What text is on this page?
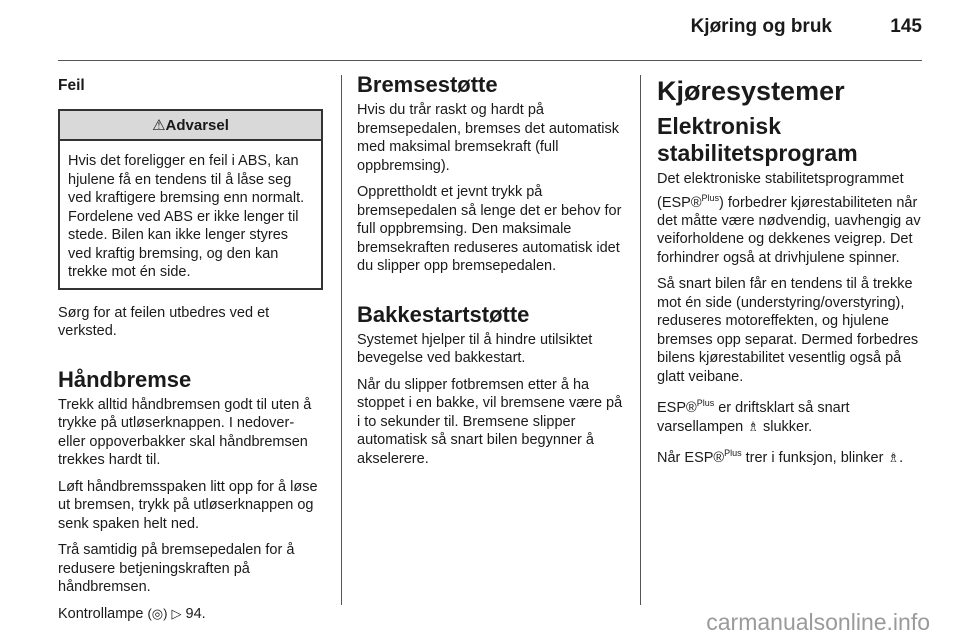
Kjøring og bruk	145
Feil
⚠Advarsel
Hvis det foreligger en feil i ABS, kan hjulene få en tendens til å låse seg ved kraftigere bremsing enn normalt. Fordelene ved ABS er ikke lenger til stede. Bilen kan ikke lenger styres ved kraftig bremsing, og den kan trekke mot én side.

Sørg for at feilen utbedres ved et verksted.

Håndbremse

Trekk alltid håndbremsen godt til uten å trykke på utløserknappen. I nedover- eller oppoverbakker skal håndbremsen trekkes hardt til.

Løft håndbremsspaken litt opp for å løse ut bremsen, trykk på utløserknappen og senk spaken helt ned.

Trå samtidig på bremsepedalen for å redusere betjeningskraften på håndbremsen.

Kontrollampe (◎) ▷ 94.

Bremsestøtte

Hvis du trår raskt og hardt på bremsepedalen, bremses det automatisk med maksimal bremsekraft (full oppbremsing).

Opprettholdt et jevnt trykk på bremsepedalen så lenge det er behov for full oppbremsing. Den maksimale bremsekraften reduseres automatisk idet du slipper opp bremsepedalen.

Bakkestartstøtte

Systemet hjelper til å hindre utilsiktet bevegelse ved bakkestart.

Når du slipper fotbremsen etter å ha stoppet i en bakke, vil bremsene være på i to sekunder til. Bremsene slipper automatisk så snart bilen begynner å akselerere.

Kjøresystemer
Elektronisk stabilitetsprogram

Det elektroniske stabilitetsprogrammet (ESP®$^{Plus}$) forbedrer kjørestabiliteten når det måtte være nødvendig, uavhengig av veiforholdene og dekkenes veigrep. Det forhindrer også at drivhjulene spinner.

Så snart bilen får en tendens til å trekke mot én side (understyring/overstyring), reduseres motoreffekten, og hjulene bremses opp separat. Dermed forbedres bilens kjørestabilitet vesentlig også på glatt veibane.

ESP®$^{Plus}$ er driftsklart så snart varsellampen ♗ slukker.

Når ESP®$^{Plus}$ trer i funksjon, blinker ♗.

carmanualsonline.info
